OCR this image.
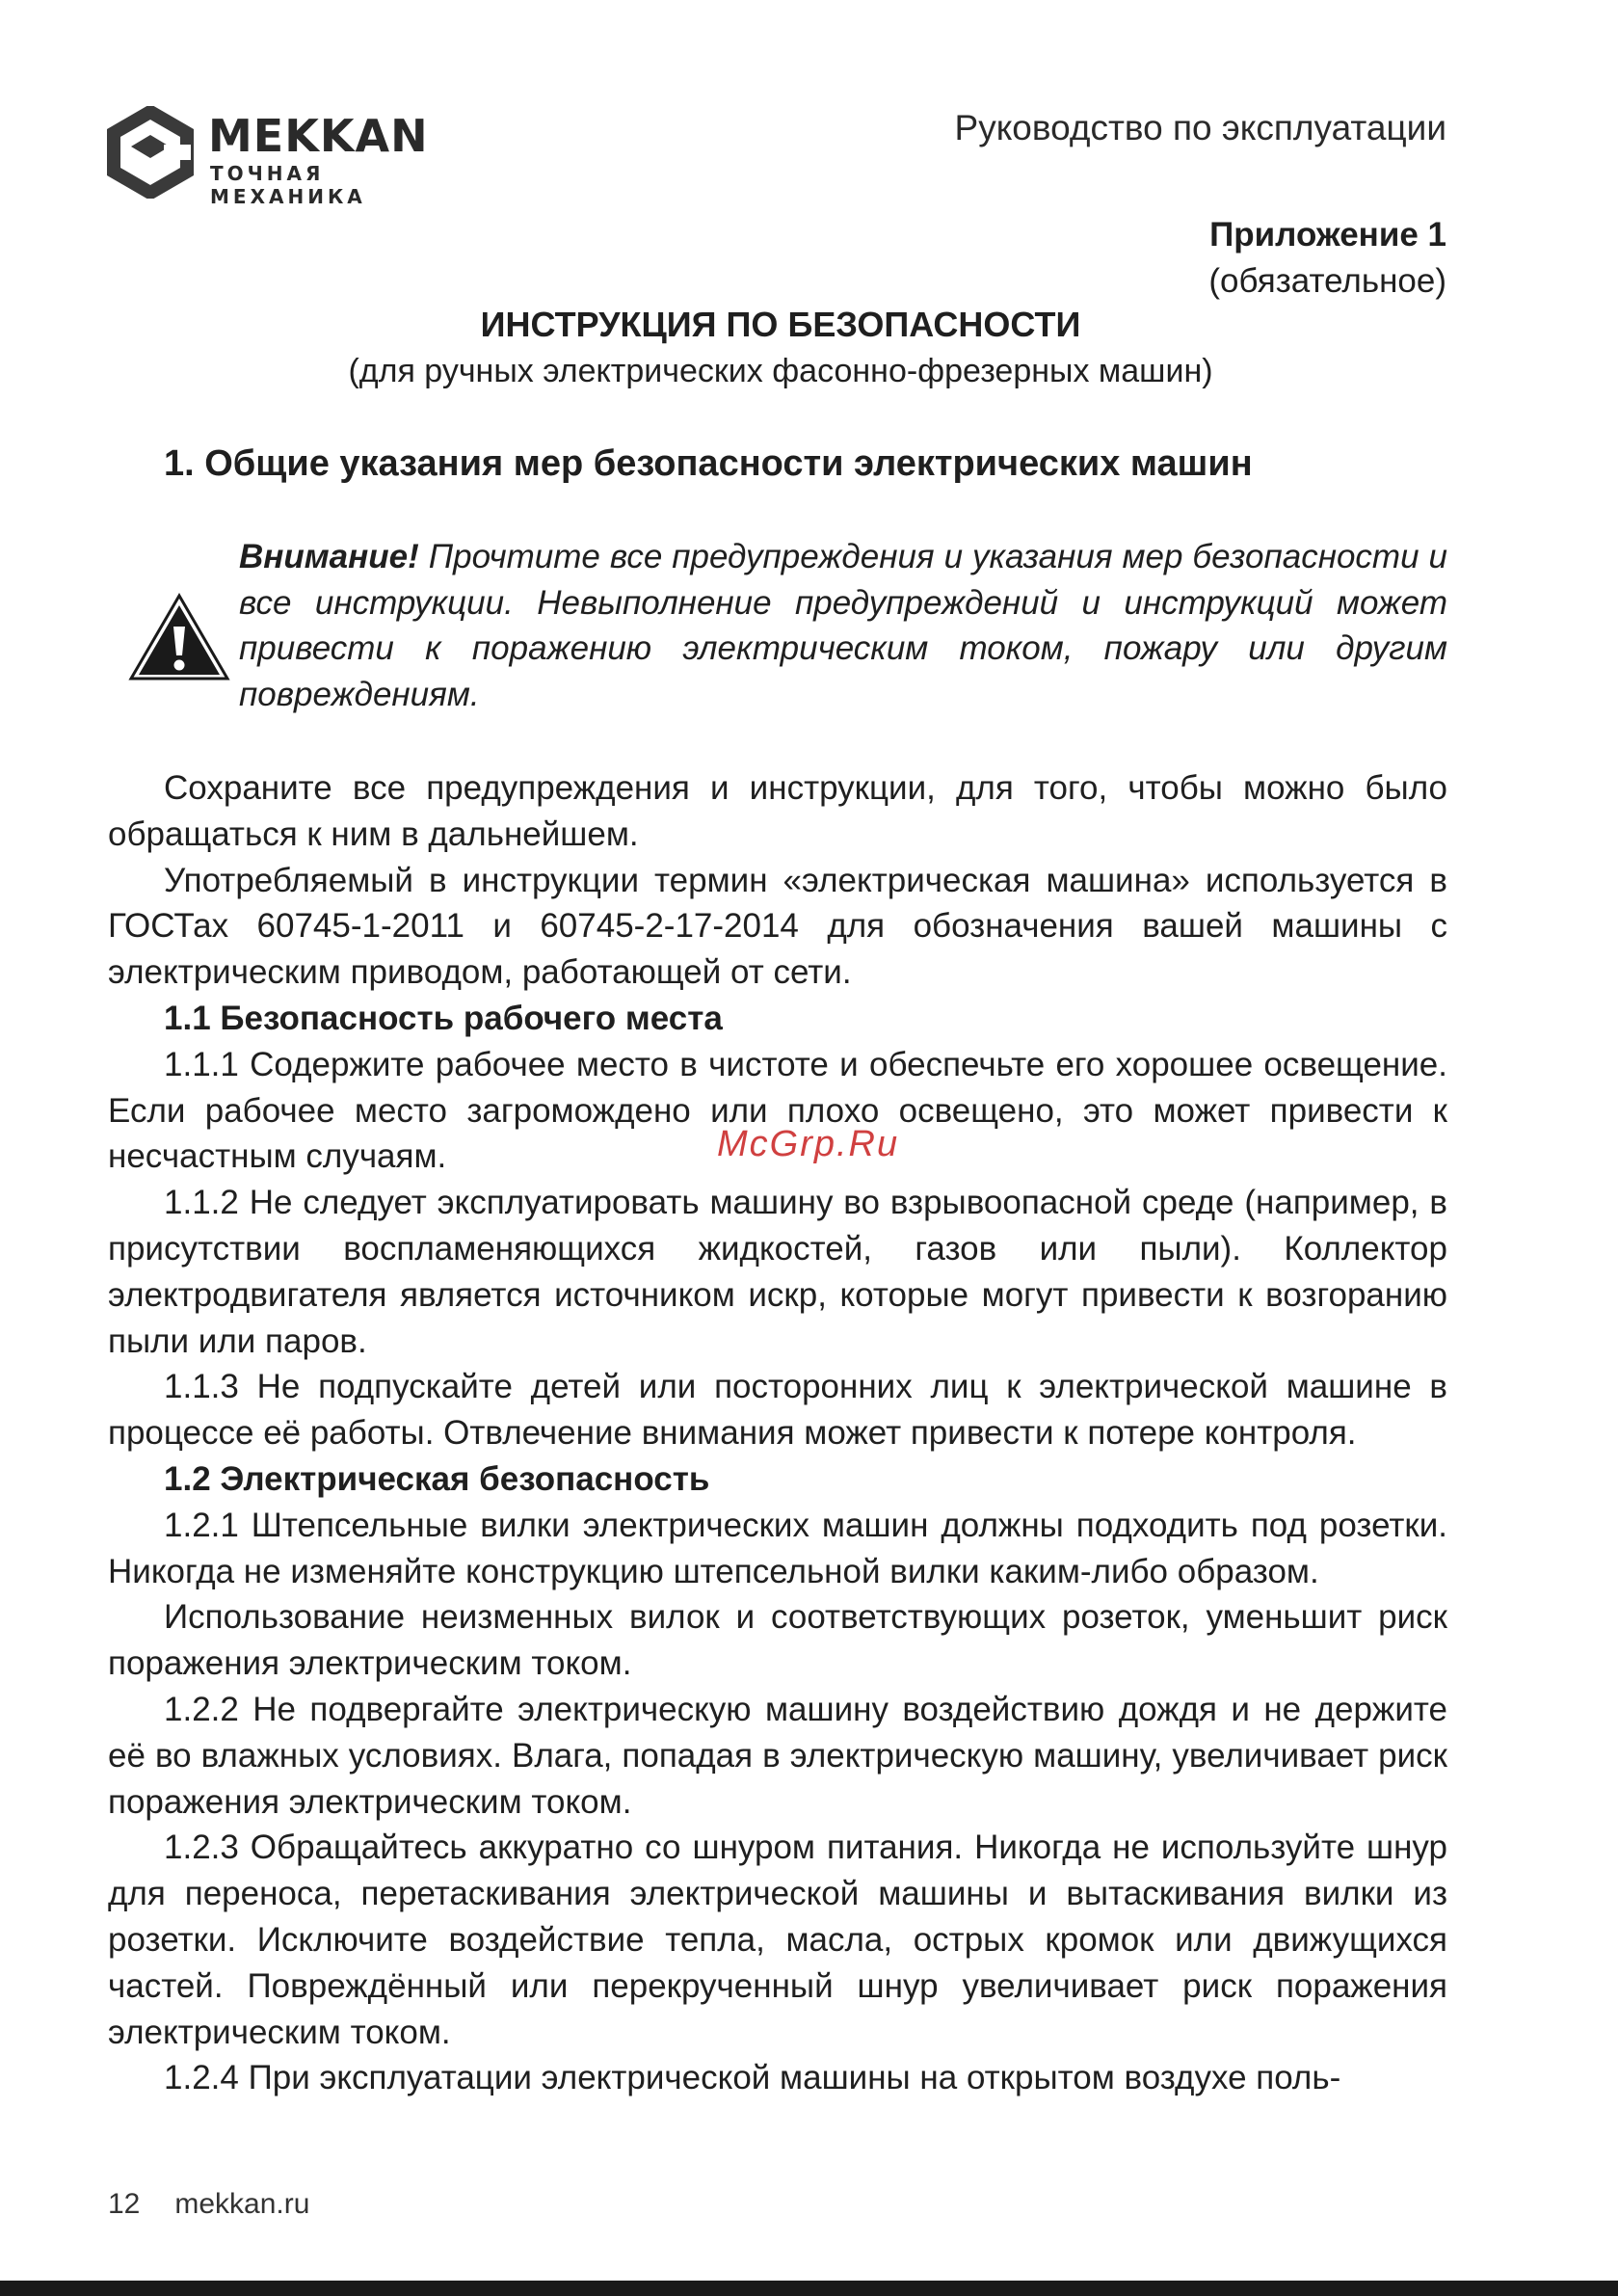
MEKKAN
ТОЧНАЯ МЕХАНИКА
Руководство по эксплуатации
Приложение 1
(обязательное)
ИНСТРУКЦИЯ ПО БЕЗОПАСНОСТИ
(для ручных электрических фасонно-фрезерных машин)
1. Общие указания мер безопасности электрических машин
Внимание! Прочтите все предупреждения и указания мер безопасности и все инструкции. Невыполнение предупреждений и инструкций может привести к поражению электрическим током, пожару или другим повреждениям.

Сохраните все предупреждения и инструкции, для того, чтобы можно было обращаться к ним в дальнейшем.

Употребляемый в инструкции термин «электрическая машина» используется в ГОСТах 60745-1-2011 и 60745-2-17-2014 для обозначения вашей машины с электрическим приводом, работающей от сети.

1.1 Безопасность рабочего места

1.1.1 Содержите рабочее место в чистоте и обеспечьте его хорошее освещение. Если рабочее место загромождено или плохо освещено, это может привести к несчастным случаям.

1.1.2 Не следует эксплуатировать машину во взрывоопасной среде (например, в присутствии воспламеняющихся жидкостей, газов или пыли). Коллектор электродвигателя является источником искр, которые могут привести к возгоранию пыли или паров.

1.1.3 Не подпускайте детей или посторонних лиц к электрической машине в процессе её работы. Отвлечение внимания может привести к потере контроля.

1.2 Электрическая безопасность

1.2.1 Штепсельные вилки электрических машин должны подходить под розетки. Никогда не изменяйте конструкцию штепсельной вилки каким-либо образом.

Использование неизменных вилок и соответствующих розеток, уменьшит риск поражения электрическим током.

1.2.2 Не подвергайте электрическую машину воздействию дождя и не держите её во влажных условиях. Влага, попадая в электрическую машину, увеличивает риск поражения электрическим током.

1.2.3 Обращайтесь аккуратно со шнуром питания. Никогда не используйте шнур для переноса, перетаскивания электрической машины и вытаскивания вилки из розетки. Исключите воздействие тепла, масла, острых кромок или движущихся частей. Повреждённый или перекрученный шнур увеличивает риск поражения электрическим током.

1.2.4 При эксплуатации электрической машины на открытом воздухе поль-

McGrp.Ru
12 mekkan.ru
